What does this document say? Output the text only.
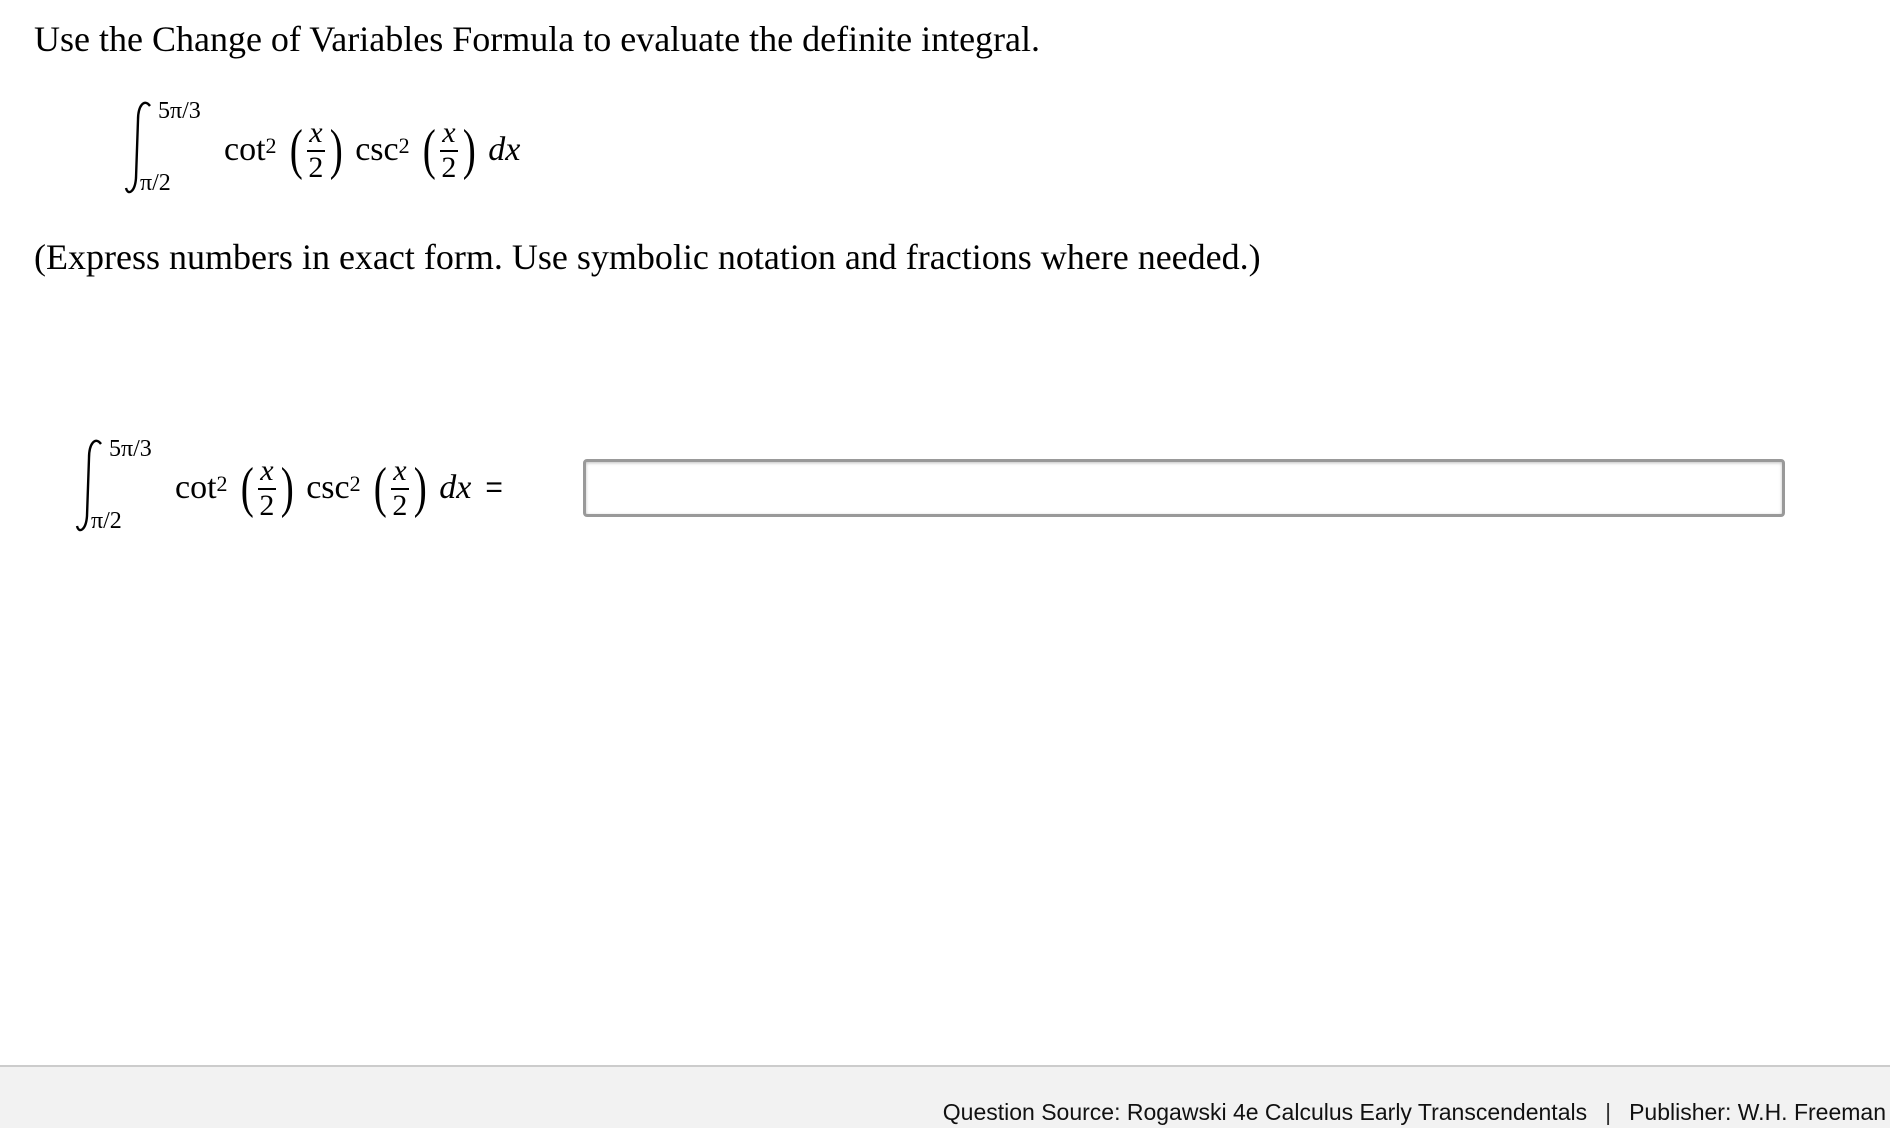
Use the Change of Variables Formula to evaluate the definite integral.
5π/3
π/2
cot 2 ( $\frac{x}{2}$ ) csc 2 ( $\frac{x}{2}$ ) dx

(Express numbers in exact form. Use symbolic notation and fractions where needed.)

5π/3
π/2
cot 2 ( $\frac{x}{2}$ ) csc 2 ( $\frac{x}{2}$ ) dx =
Question Source: Rogawski 4e Calculus Early Transcendentals | Publisher: W.H. Freeman
